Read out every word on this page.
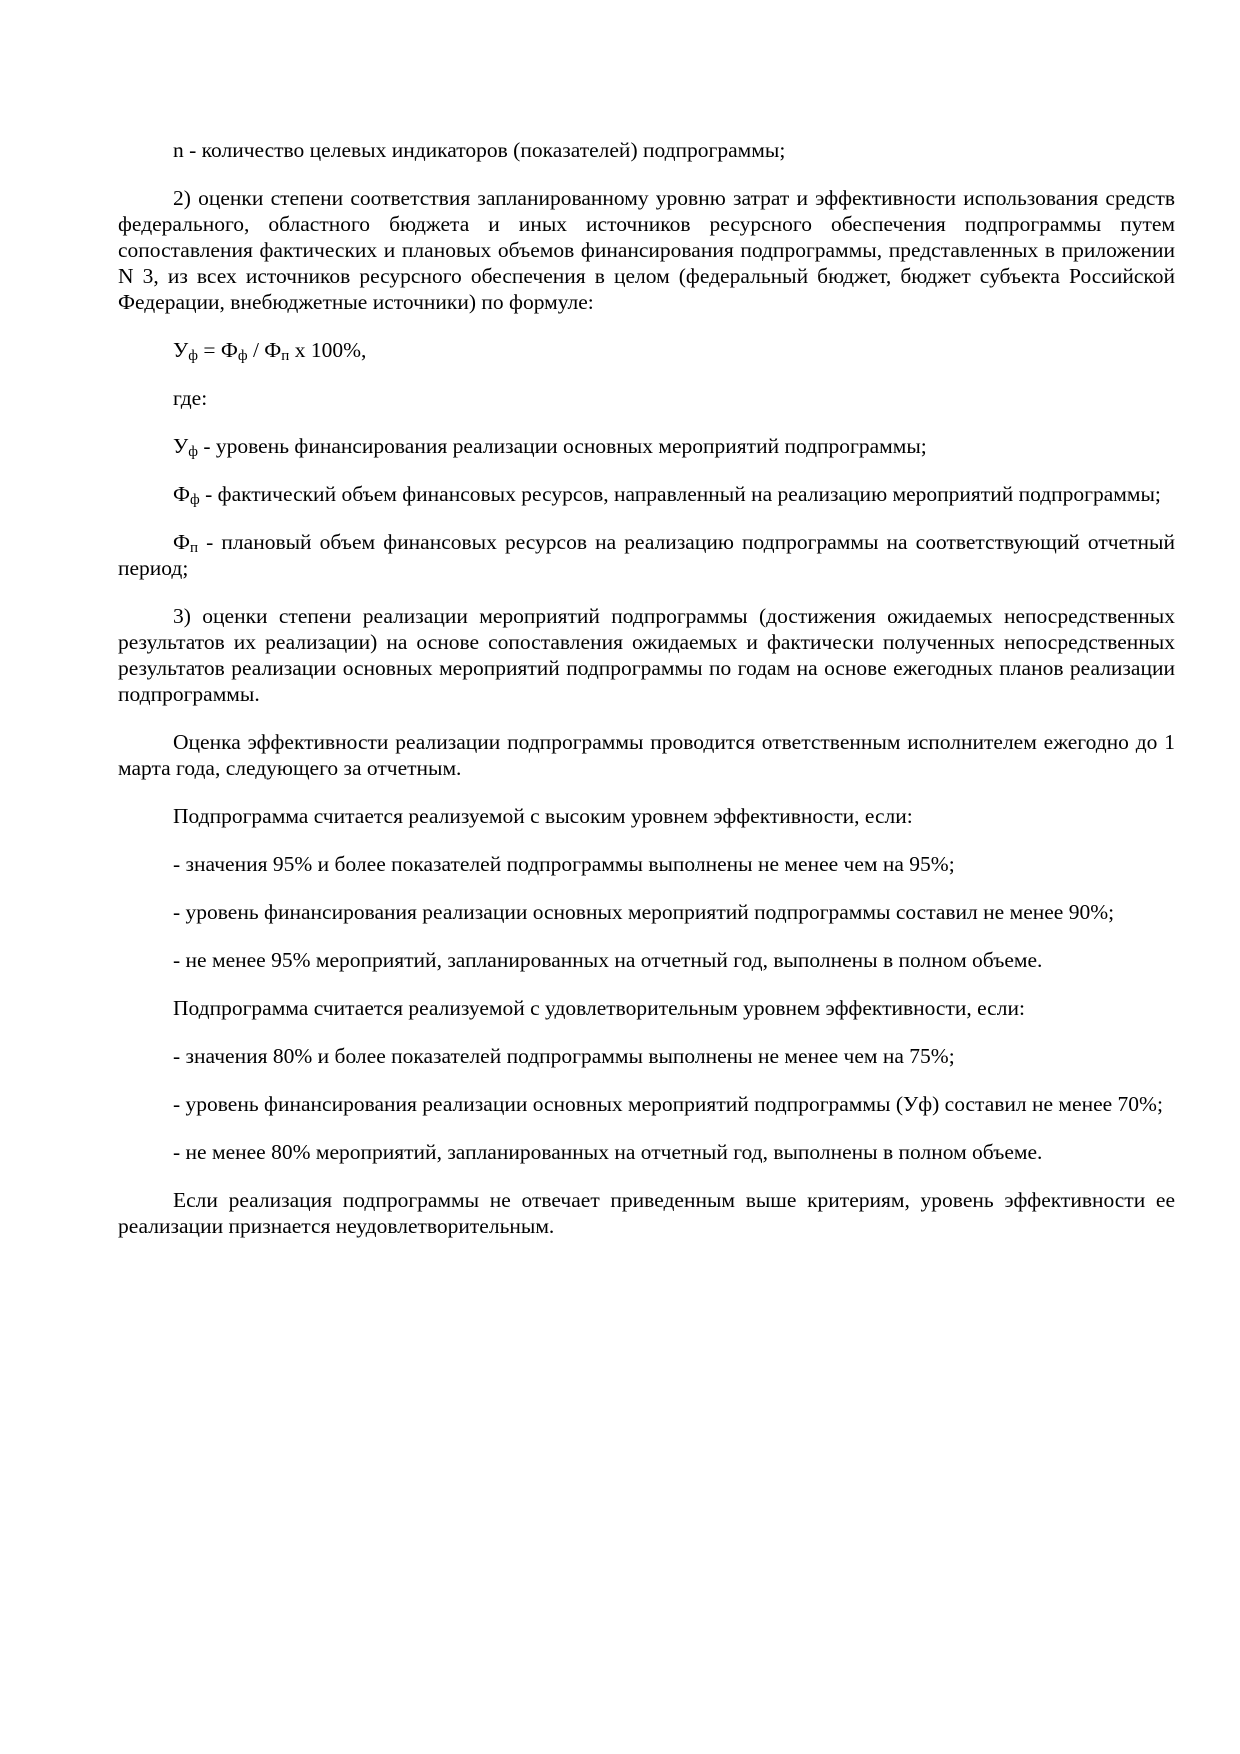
n - количество целевых индикаторов (показателей) подпрограммы;

2) оценки степени соответствия запланированному уровню затрат и эффективности использования средств федерального, областного бюджета и иных источников ресурсного обеспечения подпрограммы путем сопоставления фактических и плановых объемов финансирования подпрограммы, представленных в приложении N 3, из всех источников ресурсного обеспечения в целом (федеральный бюджет, бюджет субъекта Российской Федерации, внебюджетные источники) по формуле:

$У_ф = Ф_ф / Ф_п$ х 100%,

где:

$У_ф$ - уровень финансирования реализации основных мероприятий подпрограммы;

$Ф_ф$ - фактический объем финансовых ресурсов, направленный на реализацию мероприятий подпрограммы;

$Ф_п$ - плановый объем финансовых ресурсов на реализацию подпрограммы на соответствующий отчетный период;

3) оценки степени реализации мероприятий подпрограммы (достижения ожидаемых непосредственных результатов их реализации) на основе сопоставления ожидаемых и фактически полученных непосредственных результатов реализации основных мероприятий подпрограммы по годам на основе ежегодных планов реализации подпрограммы.

Оценка эффективности реализации подпрограммы проводится ответственным исполнителем ежегодно до 1 марта года, следующего за отчетным.

Подпрограмма считается реализуемой с высоким уровнем эффективности, если:

- значения 95% и более показателей подпрограммы выполнены не менее чем на 95%;

- уровень финансирования реализации основных мероприятий подпрограммы составил не менее 90%;

- не менее 95% мероприятий, запланированных на отчетный год, выполнены в полном объеме.

Подпрограмма считается реализуемой с удовлетворительным уровнем эффективности, если:

- значения 80% и более показателей подпрограммы выполнены не менее чем на 75%;

- уровень финансирования реализации основных мероприятий подпрограммы (Уф) составил не менее 70%;

- не менее 80% мероприятий, запланированных на отчетный год, выполнены в полном объеме.

Если реализация подпрограммы не отвечает приведенным выше критериям, уровень эффективности ее реализации признается неудовлетворительным.
